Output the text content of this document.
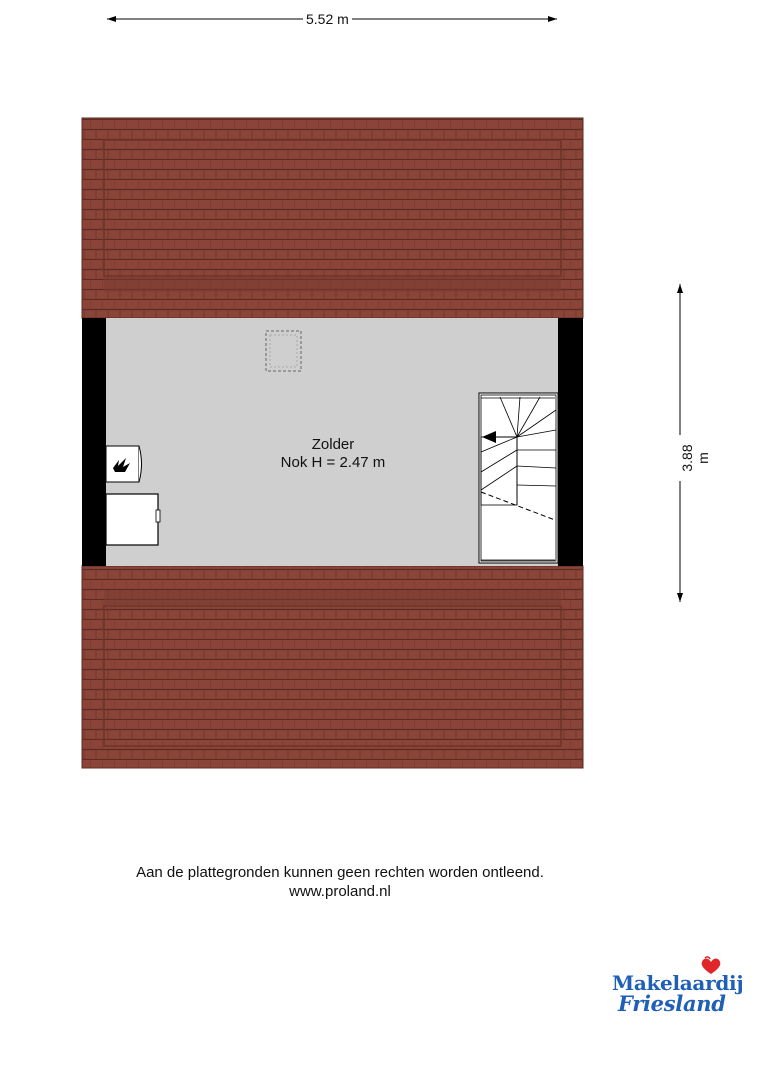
5.52 m
3.88 m
Zolder
Nok H = 2.47 m
Aan de plattegronden kunnen geen rechten worden ontleend.
www.proland.nl
Makelaardij
Friesland
